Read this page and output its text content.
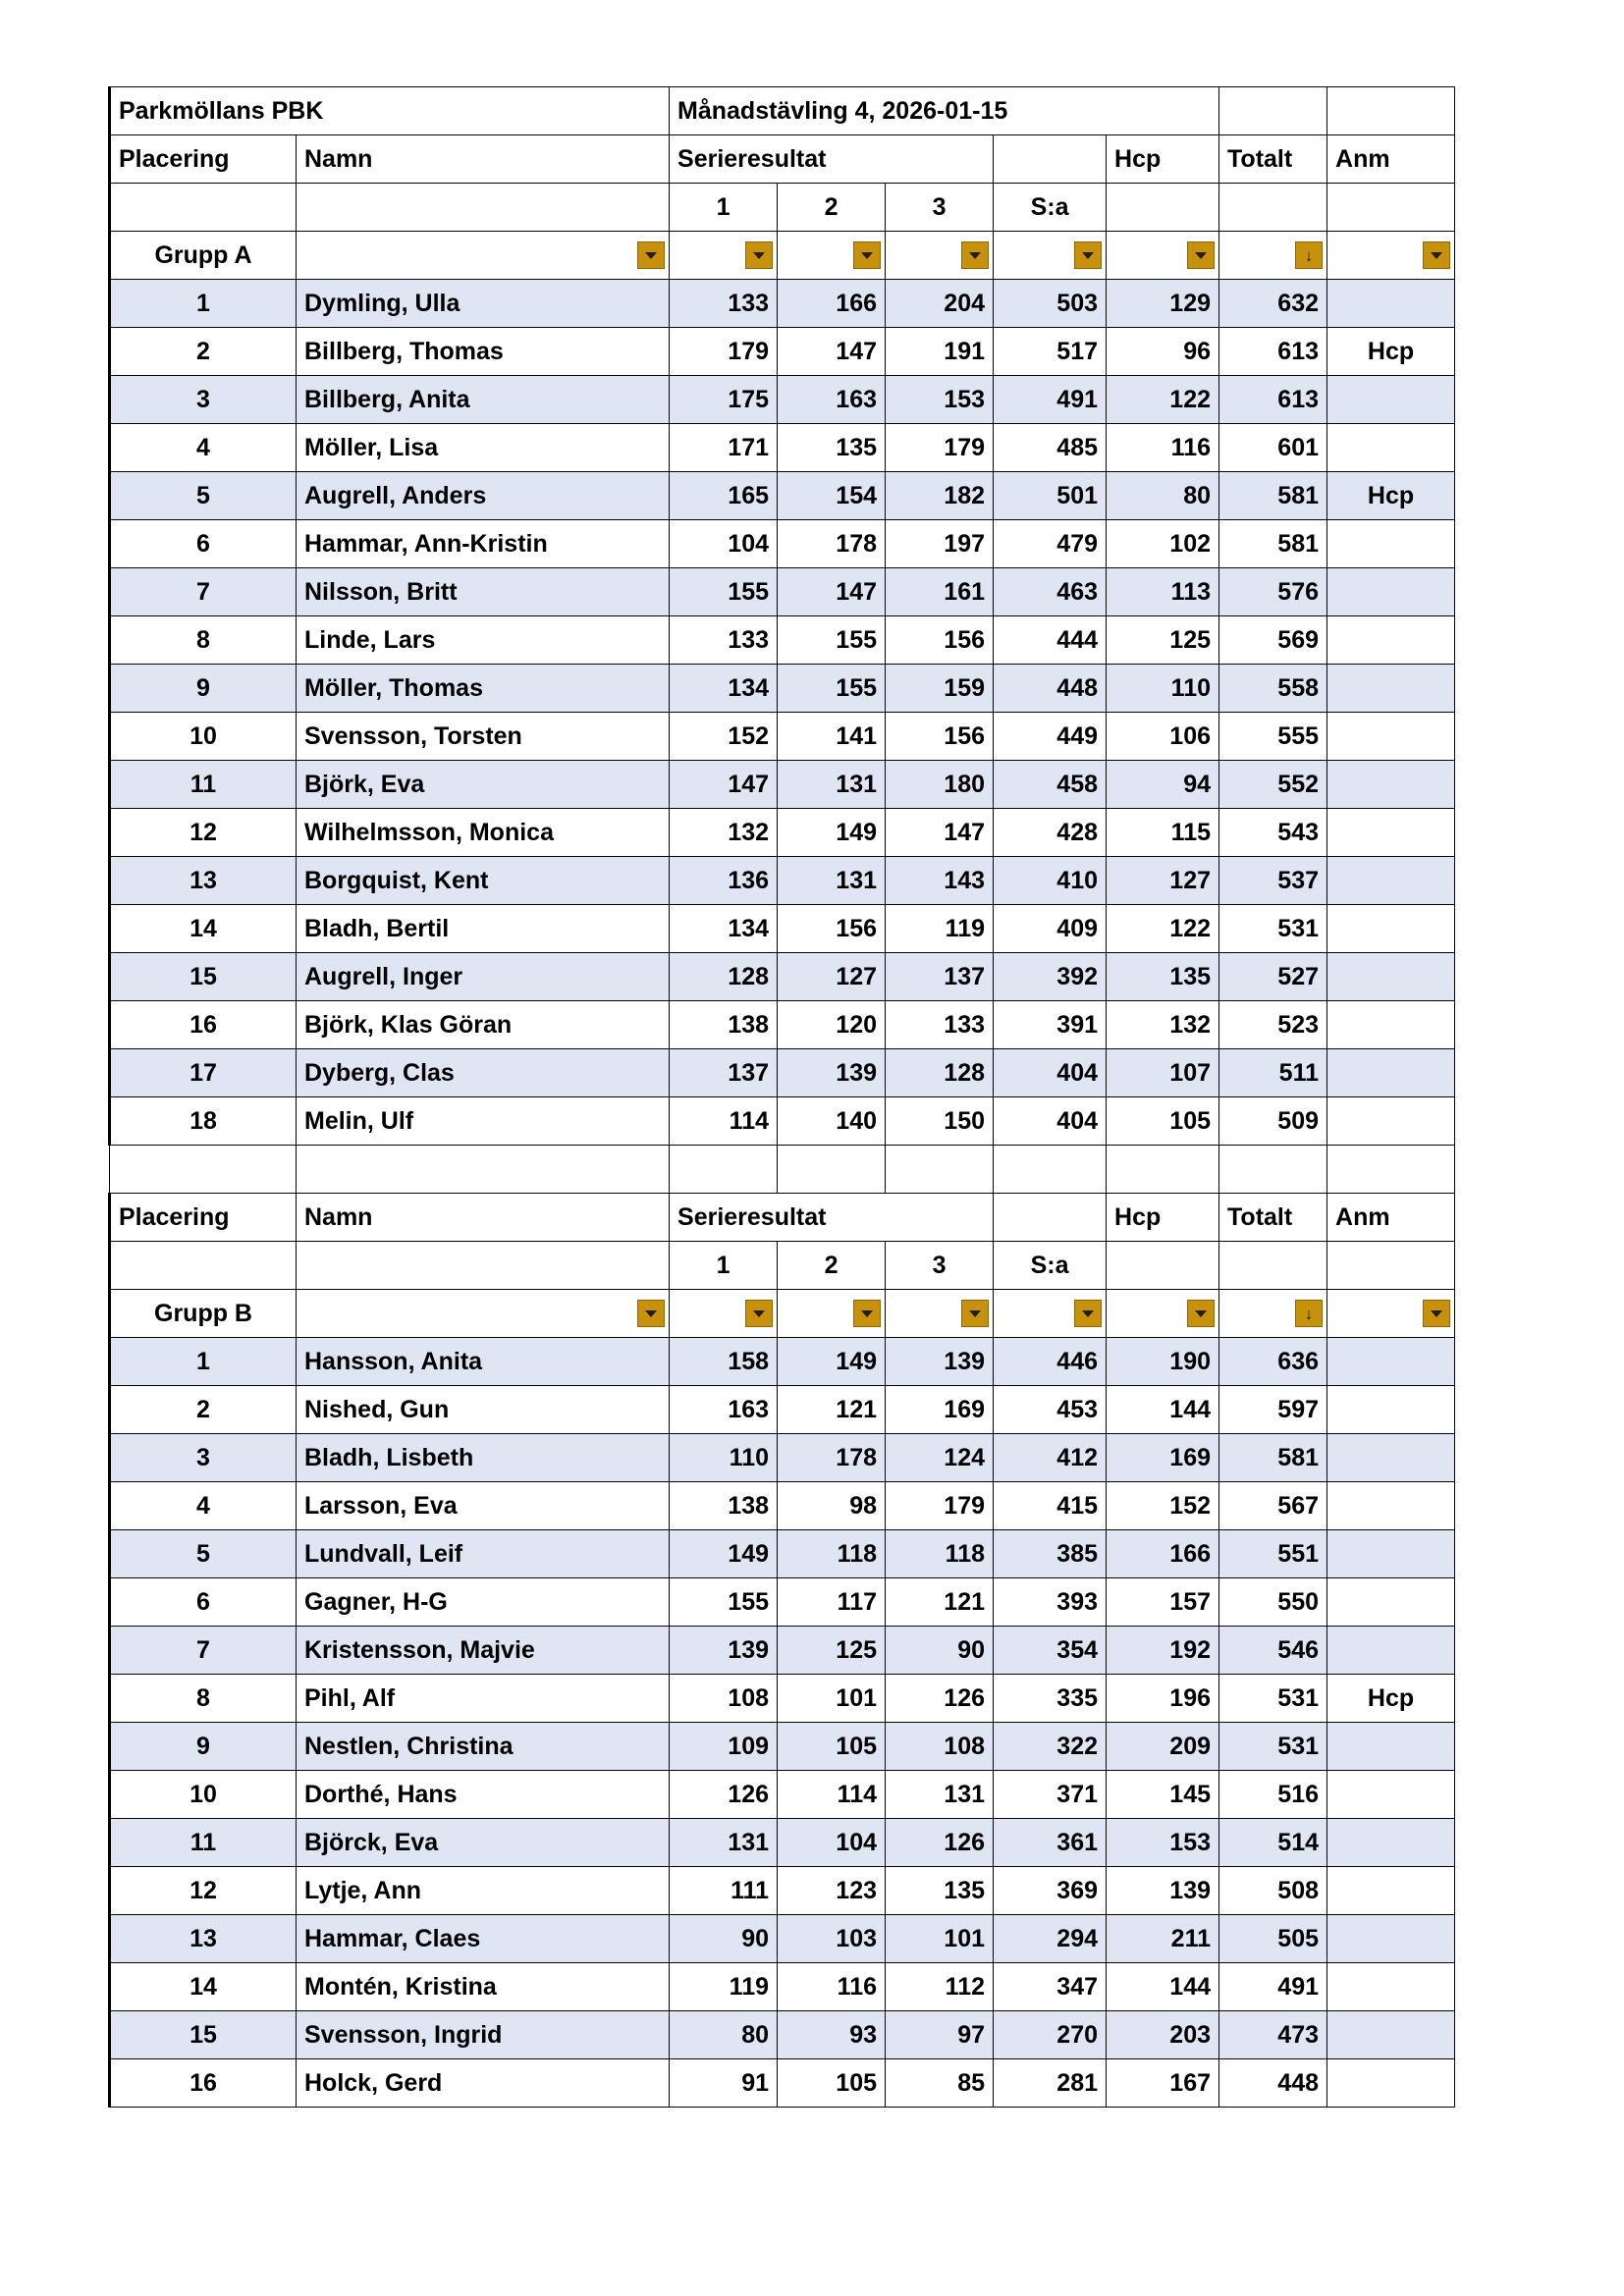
Parkmöllans PBK		Månadstävling 4, 2026-01-15						
Placering	Namn	Serieresultat				Hcp	Totalt	Anm
		1	2	3	S:a			
Grupp A							↓	

1	Dymling, Ulla	133	166	204	503	129	632	
2	Billberg, Thomas	179	147	191	517	96	613	Hcp
3	Billberg, Anita	175	163	153	491	122	613	
4	Möller, Lisa	171	135	179	485	116	601	
5	Augrell, Anders	165	154	182	501	80	581	Hcp
6	Hammar, Ann-Kristin	104	178	197	479	102	581	
7	Nilsson, Britt	155	147	161	463	113	576	
8	Linde, Lars	133	155	156	444	125	569	
9	Möller, Thomas	134	155	159	448	110	558	
10	Svensson, Torsten	152	141	156	449	106	555	
11	Björk, Eva	147	131	180	458	94	552	
12	Wilhelmsson, Monica	132	149	147	428	115	543	
13	Borgquist, Kent	136	131	143	410	127	537	
14	Bladh, Bertil	134	156	119	409	122	531	
15	Augrell, Inger	128	127	137	392	135	527	
16	Björk, Klas Göran	138	120	133	391	132	523	
17	Dyberg, Clas	137	139	128	404	107	511	
18	Melin, Ulf	114	140	150	404	105	509	

Placering	Namn	Serieresultat				Hcp	Totalt	Anm
		1	2	3	S:a			
Grupp B							↓	

1	Hansson, Anita	158	149	139	446	190	636	
2	Nished, Gun	163	121	169	453	144	597	
3	Bladh, Lisbeth	110	178	124	412	169	581	
4	Larsson, Eva	138	98	179	415	152	567	
5	Lundvall, Leif	149	118	118	385	166	551	
6	Gagner, H-G	155	117	121	393	157	550	
7	Kristensson, Majvie	139	125	90	354	192	546	
8	Pihl, Alf	108	101	126	335	196	531	Hcp
9	Nestlen, Christina	109	105	108	322	209	531	
10	Dorthé, Hans	126	114	131	371	145	516	
11	Björck, Eva	131	104	126	361	153	514	
12	Lytje, Ann	111	123	135	369	139	508	
13	Hammar, Claes	90	103	101	294	211	505	
14	Montén, Kristina	119	116	112	347	144	491	
15	Svensson, Ingrid	80	93	97	270	203	473	
16	Holck, Gerd	91	105	85	281	167	448	
